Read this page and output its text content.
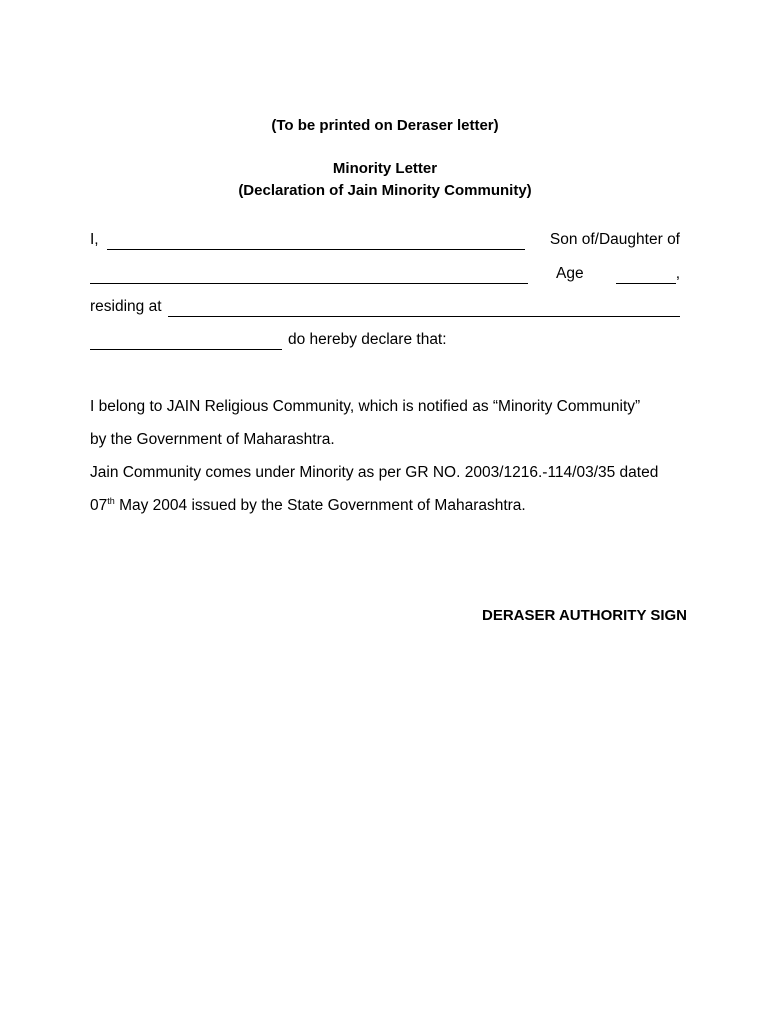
(To be printed on Deraser letter)
Minority Letter
(Declaration of Jain Minority Community)
I,	Son of/Daughter of
Age	,
residing at
do hereby declare that:
I belong to JAIN Religious Community, which is notified as “Minority Community”
by the Government of Maharashtra.
Jain Community comes under Minority as per GR NO. 2003/1216.-114/03/35 dated
07th May 2004 issued by the State Government of Maharashtra.
DERASER AUTHORITY SIGN
